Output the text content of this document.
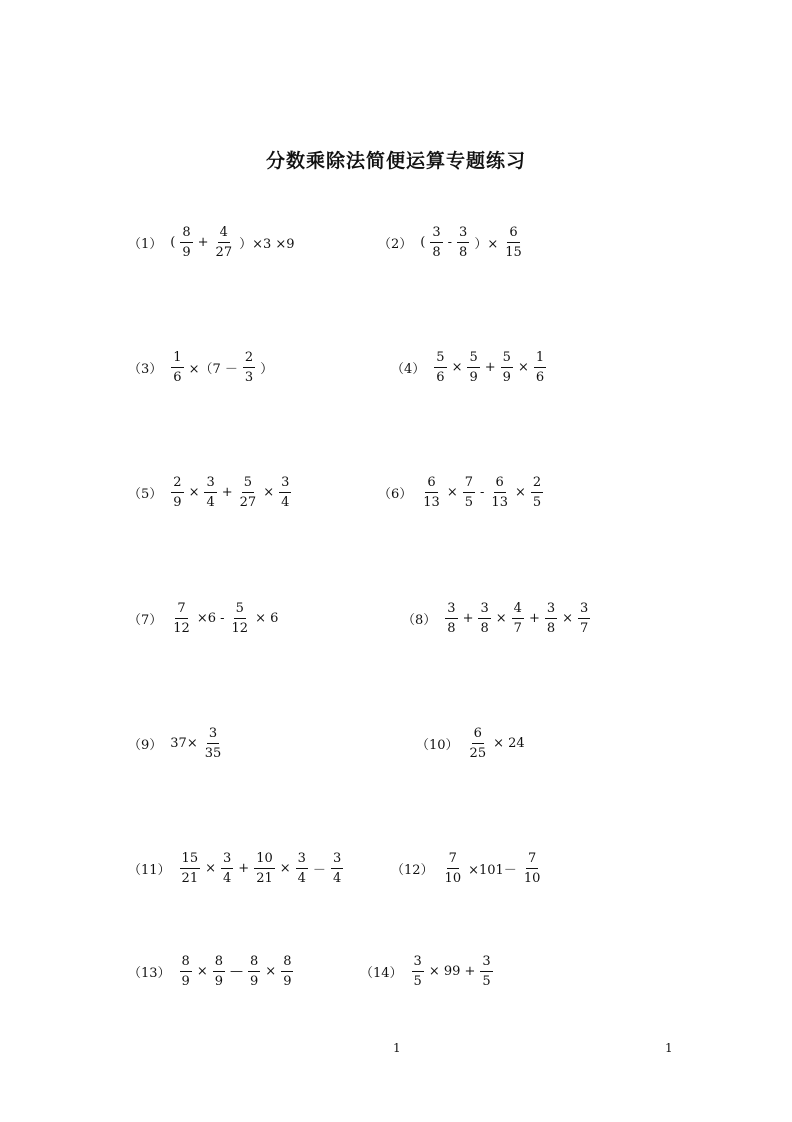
分数乘除法简便运算专题练习
（1） ( $\frac{8}{9} + \frac{4}{27} )\times 3 \times 9$	（2） ( $\frac{3}{8} - \frac{3}{8}$ ）× $\frac{6}{15}$
$(3) \frac{1}{6} \times(7 - \frac{2}{3}$ ）	$(4) \frac{5}{6} \times \frac{5}{9} + \frac{5}{9} \times \frac{1}{6}$
$(5) \frac{2}{9} \times \frac{3}{4} + \frac{5}{27} \times \frac{3}{4}$	$(6) \frac{6}{13} \times \frac{7}{5} - \frac{6}{13} \times \frac{2}{5}$
$(7) \frac{7}{12} \times 6 - \frac{5}{12} \times 6$	$(8) \frac{3}{8} + \frac{3}{8} \times \frac{4}{7} + \frac{3}{8} \times \frac{3}{7}$
（9） $37\times \frac{3}{35}$	$(10) \frac{6}{25} \times 24$
$(11) \frac{15}{21} \times \frac{3}{4} + \frac{10}{21} \times \frac{3}{4} - \frac{3}{4}$	$(12) \frac{7}{10} \times 101- \frac{7}{10}$
$(13) \frac{8}{9} \times \frac{8}{9}$ — $\frac{8}{9} \times \frac{8}{9}$	$(14) \frac{3}{5} \times 99 + \frac{3}{5}$
1	1
